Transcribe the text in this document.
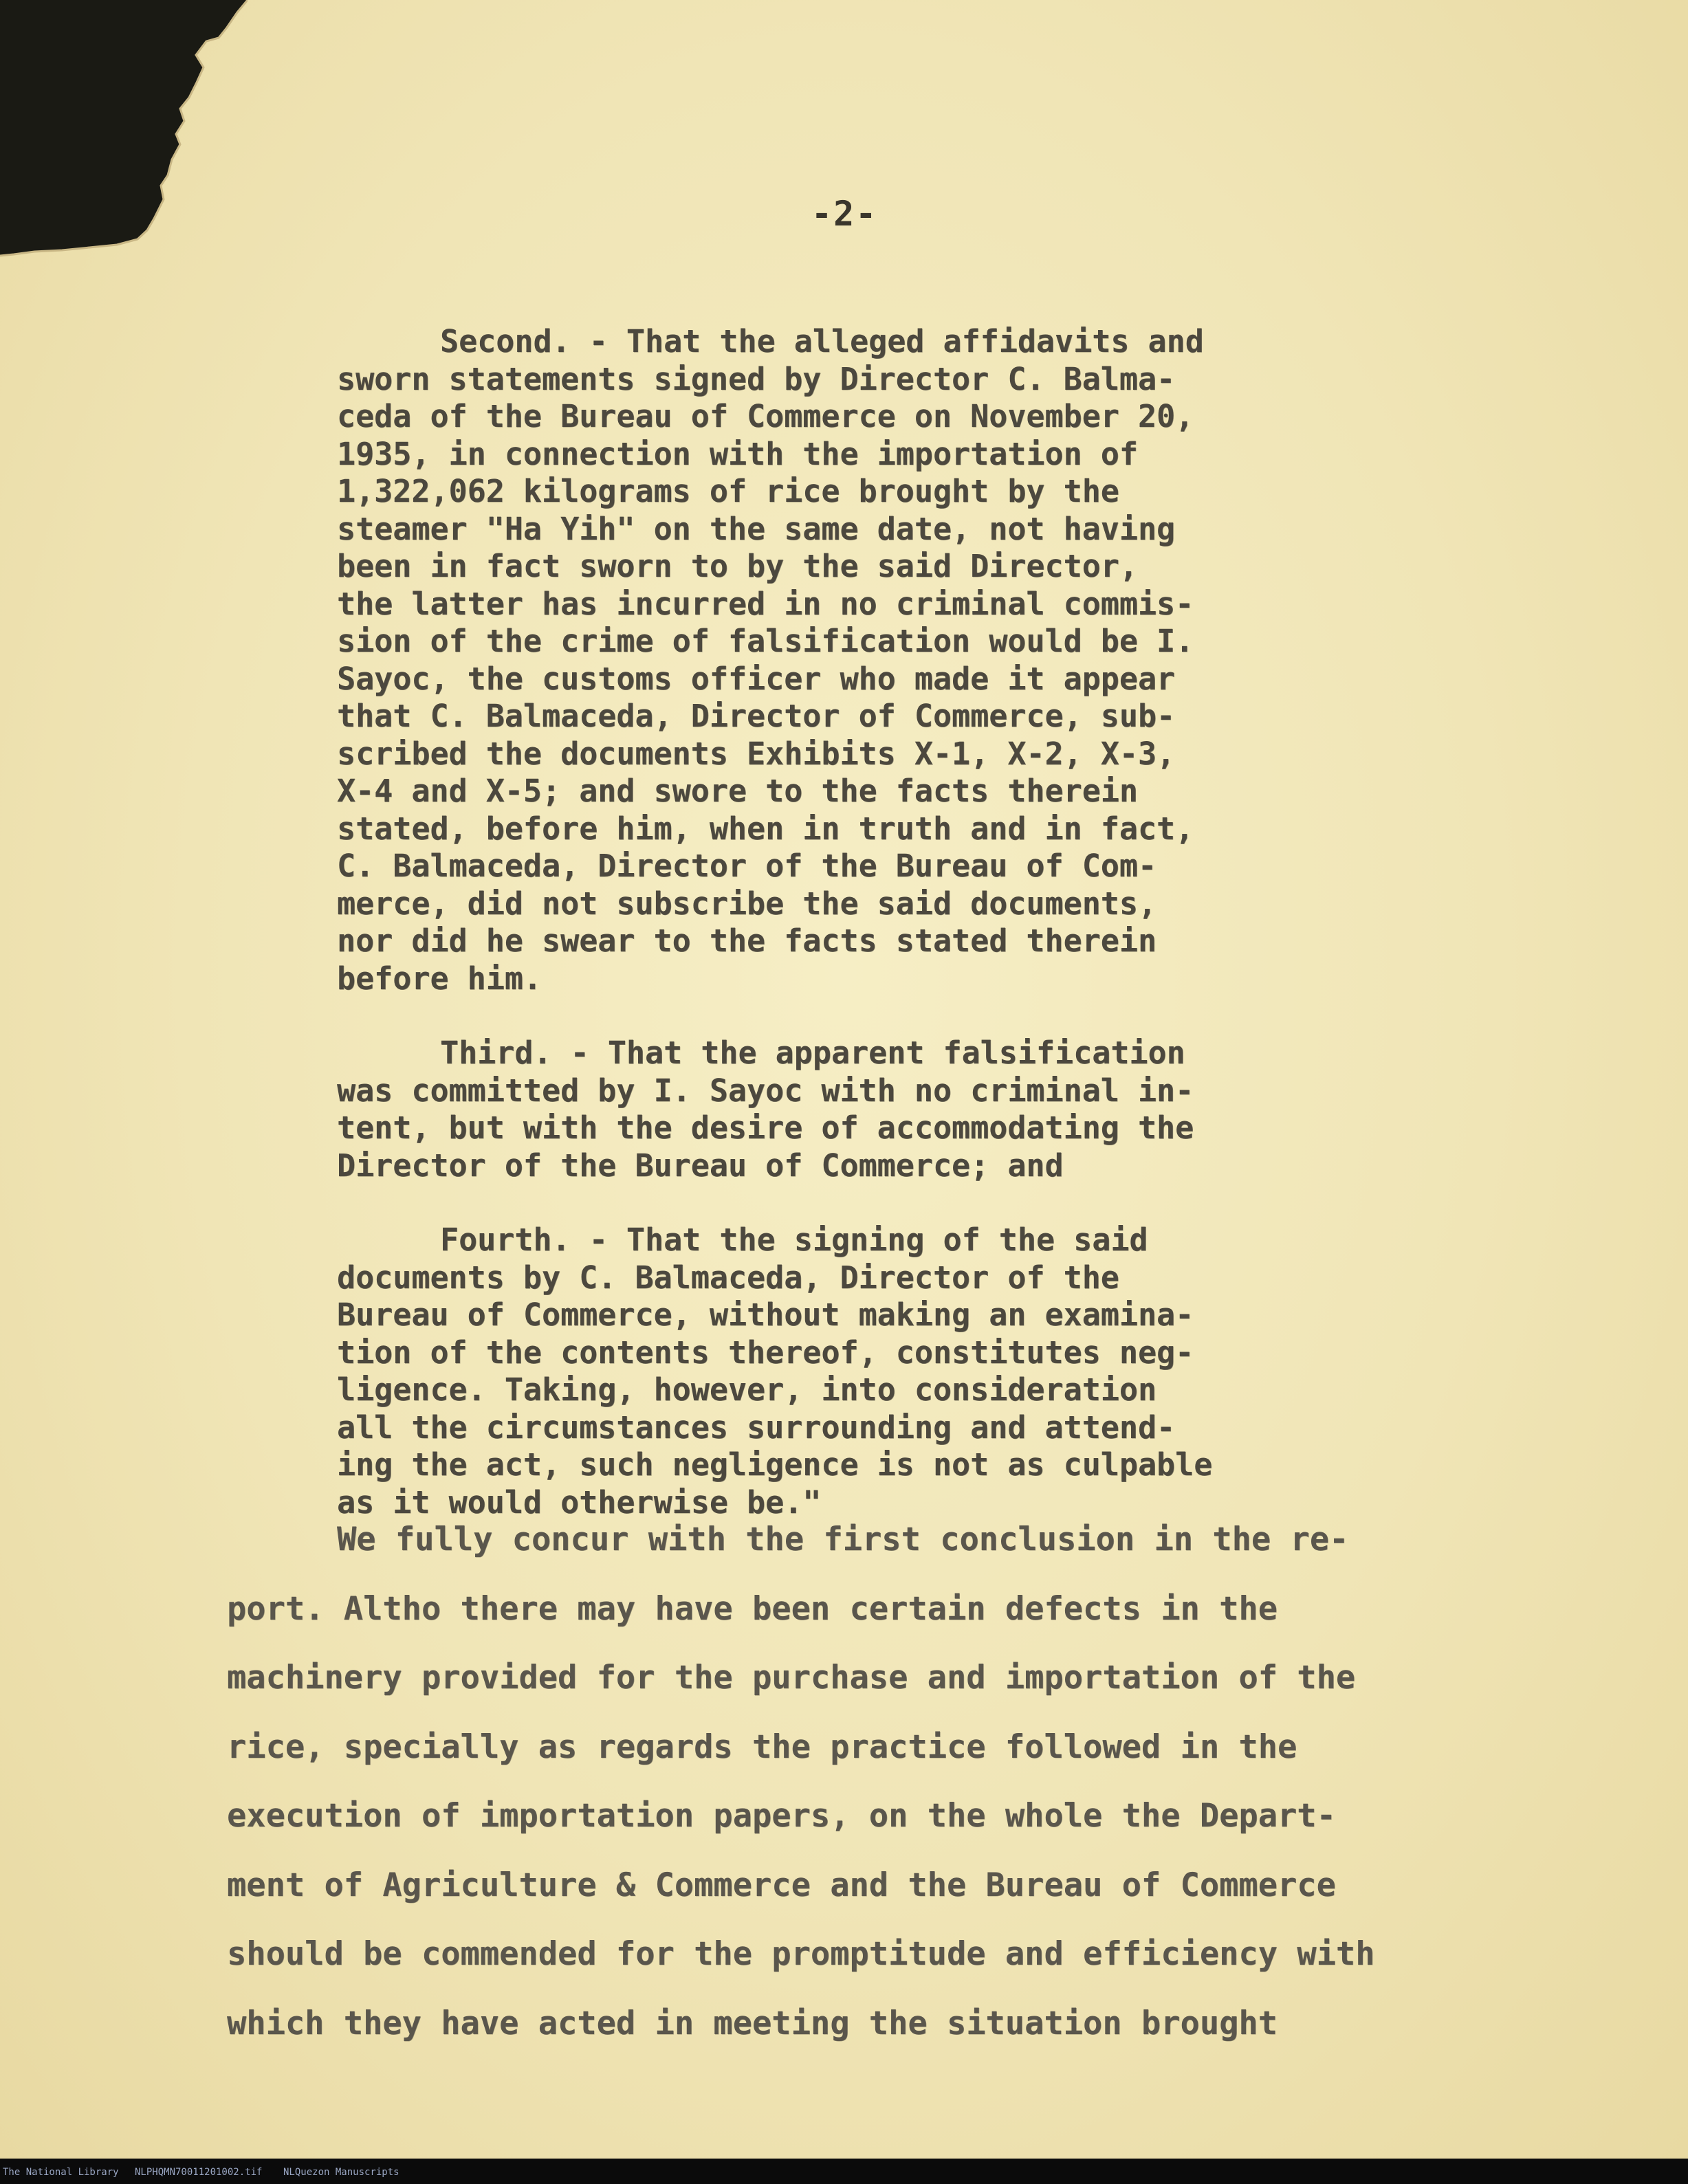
-2-

Second. - That the alleged affidavits and
sworn statements signed by Director C. Balma-
ceda of the Bureau of Commerce on November 20,
1935, in connection with the importation of
1,322,062 kilograms of rice brought by the
steamer "Ha Yih" on the same date, not having
been in fact sworn to by the said Director,
the latter has incurred in no criminal commis-
sion of the crime of falsification would be I.
Sayoc, the customs officer who made it appear
that C. Balmaceda, Director of Commerce, sub-
scribed the documents Exhibits X-1, X-2, X-3,
X-4 and X-5; and swore to the facts therein
stated, before him, when in truth and in fact,
C. Balmaceda, Director of the Bureau of Com-
merce, did not subscribe the said documents,
nor did he swear to the facts stated therein
before him.

Third. - That the apparent falsification
was committed by I. Sayoc with no criminal in-
tent, but with the desire of accommodating the
Director of the Bureau of Commerce; and

Fourth. - That the signing of the said
documents by C. Balmaceda, Director of the
Bureau of Commerce, without making an examina-
tion of the contents thereof, constitutes neg-
ligence. Taking, however, into consideration
all the circumstances surrounding and attend-
ing the act, such negligence is not as culpable
as it would otherwise be."

We fully concur with the first conclusion in the re-
port. Altho there may have been certain defects in the
machinery provided for the purchase and importation of the
rice, specially as regards the practice followed in the
execution of importation papers, on the whole the Depart-
ment of Agriculture & Commerce and the Bureau of Commerce
should be commended for the promptitude and efficiency with
which they have acted in meeting the situation brought
The National Library NLPHQMN70011201002.tif NLQuezon Manuscripts
